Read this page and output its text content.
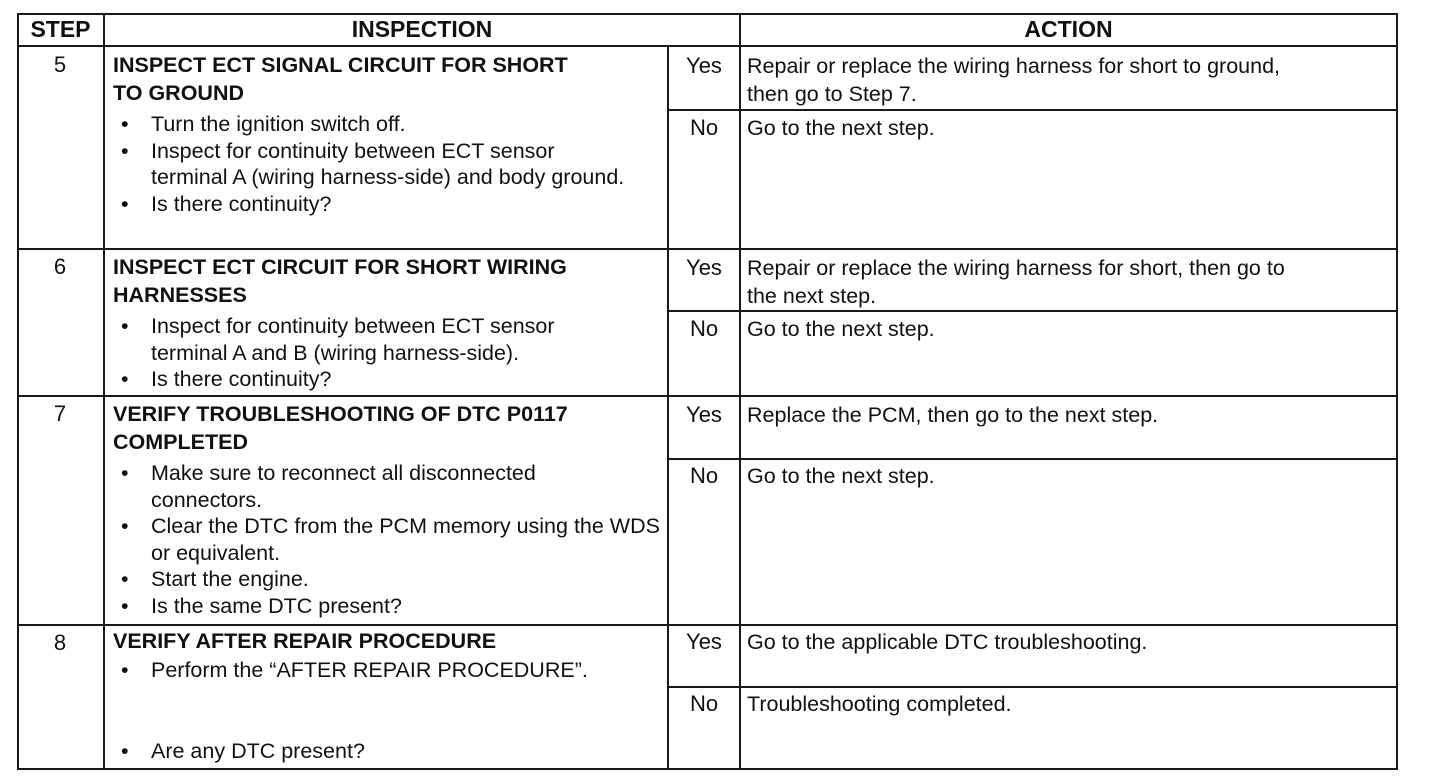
STEP	INSPECTION	ACTION
5	INSPECT ECT SIGNAL CIRCUIT FOR SHORT
TO GROUND
• Turn the ignition switch off.
• Inspect for continuity between ECT sensor terminal A (wiring harness-side) and body ground.
• Is there continuity?
Yes	Repair or replace the wiring harness for short to ground,
then go to Step 7.
No	Go to the next step.
6	INSPECT ECT CIRCUIT FOR SHORT WIRING
HARNESSES
• Inspect for continuity between ECT sensor terminal A and B (wiring harness-side).
• Is there continuity?
Yes	Repair or replace the wiring harness for short, then go to
the next step.
No	Go to the next step.
7	VERIFY TROUBLESHOOTING OF DTC P0117
COMPLETED
• Make sure to reconnect all disconnected connectors.
• Clear the DTC from the PCM memory using the WDS or equivalent.
• Start the engine.
• Is the same DTC present?
Yes	Replace the PCM, then go to the next step.
No	Go to the next step.
8	VERIFY AFTER REPAIR PROCEDURE
• Perform the “AFTER REPAIR PROCEDURE”.
• Are any DTC present?
Yes	Go to the applicable DTC troubleshooting.
No	Troubleshooting completed.
